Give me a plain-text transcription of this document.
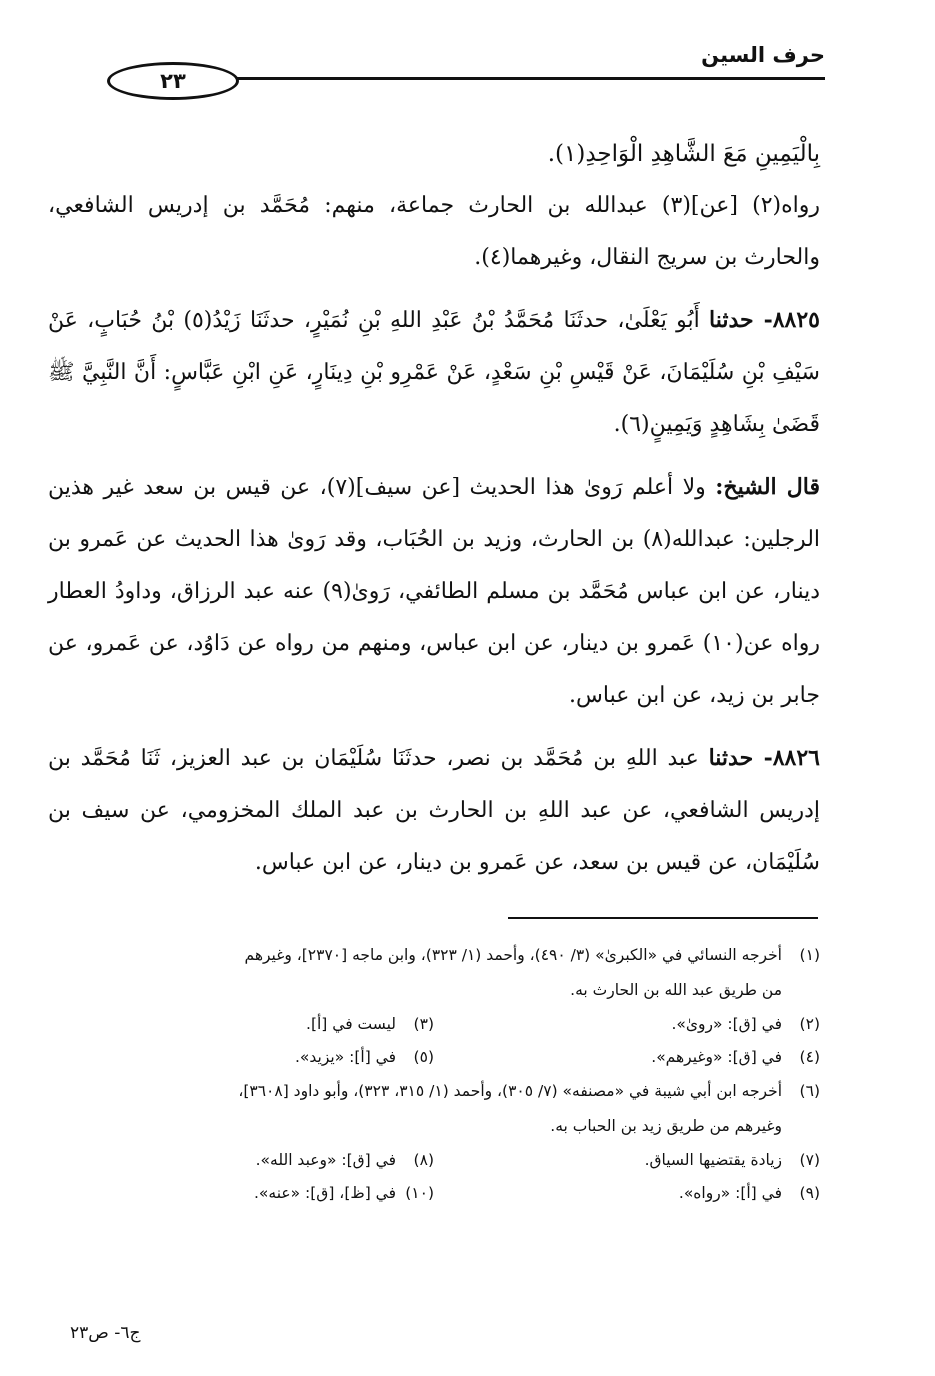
حرف السين
٢٣

بِالْيَمِينِ مَعَ الشَّاهِدِ الْوَاحِدِ(١).

رواه(٢) [عن](٣) عبدالله بن الحارث جماعة، منهم: مُحَمَّد بن إدريس الشافعي، والحارث بن سريج النقال، وغيرهما(٤).

٨٨٢٥- حدثنا أَبُو يَعْلَىٰ، حدثَنَا مُحَمَّدُ بْنُ عَبْدِ اللهِ بْنِ نُمَيْرٍ، حدثَنَا زَيْدُ(٥) بْنُ حُبَابٍ، عَنْ سَيْفِ بْنِ سُلَيْمَانَ، عَنْ قَيْسِ بْنِ سَعْدٍ، عَنْ عَمْرِو بْنِ دِينَارٍ، عَنِ ابْنِ عَبَّاسٍ: أَنَّ النَّبِيَّ ﷺ قَضَىٰ بِشَاهِدٍ وَيَمِينٍ(٦).

قال الشيخ: ولا أعلم رَوىٰ هذا الحديث [عن سيف](٧)، عن قيس بن سعد غير هذين الرجلين: عبدالله(٨) بن الحارث، وزيد بن الحُبَاب، وقد رَوىٰ هذا الحديث عن عَمرو بن دينار، عن ابن عباس مُحَمَّد بن مسلم الطائفي، رَوىٰ(٩) عنه عبد الرزاق، وداودُ العطار رواه عن(١٠) عَمرو بن دينار، عن ابن عباس، ومنهم من رواه عن دَاوُد، عن عَمرو، عن جابر بن زيد، عن ابن عباس.

٨٨٢٦- حدثنا عبد اللهِ بن مُحَمَّد بن نصر، حدثَنَا سُلَيْمَان بن عبد العزيز، ثَنَا مُحَمَّد بن إدريس الشافعي، عن عبد اللهِ بن الحارث بن عبد الملك المخزومي، عن سيف بن سُلَيْمَان، عن قيس بن سعد، عن عَمرو بن دينار، عن ابن عباس.

(١)أخرجه النسائي في «الكبرىٰ» (٣/ ٤٩٠)، وأحمد (١/ ٣٢٣)، وابن ماجه [٢٣٧٠]، وغيرهم
من طريق عبد الله بن الحارث به.
(٢)في [ق]: «روىٰ».
(٣)ليست في [أ].
(٤)في [ق]: «وغيرهم».
(٥)في [أ]: «يزيد».
(٦)أخرجه ابن أبي شيبة في «مصنفه» (٧/ ٣٠٥)، وأحمد (١/ ٣١٥، ٣٢٣)، وأبو داود [٣٦٠٨]،
وغيرهم من طريق زيد بن الحباب به.
(٧)زيادة يقتضيها السياق.
(٨)في [ق]: «وعبد الله».
(٩)في [أ]: «رواه».
(١٠)في [ظ]، [ق]: «عنه».
ج٦- ص٢٣
